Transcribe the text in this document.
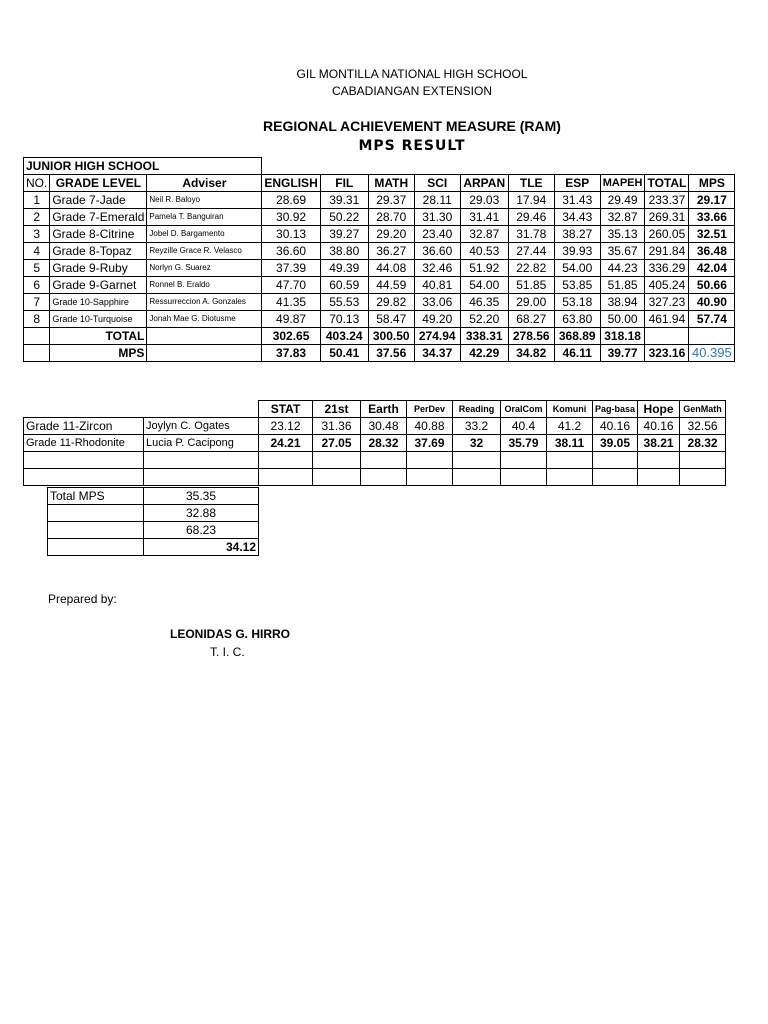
GIL MONTILLA NATIONAL HIGH SCHOOL
CABADIANGAN EXTENSION
REGIONAL ACHIEVEMENT MEASURE (RAM)
MPS RESULT
JUNIOR HIGH SCHOOL												
NO.	GRADE LEVEL	Adviser	ENGLISH	FIL	MATH	SCI	ARPAN	TLE	ESP	MAPEH	TOTAL	MPS
1	Grade 7-Jade	Neil R. Baloyo	28.69	39.31	29.37	28.11	29.03	17.94	31.43	29.49	233.37	29.17
2	Grade 7-Emerald	Pamela T. Banguiran	30.92	50.22	28.70	31.30	31.41	29.46	34.43	32.87	269.31	33.66
3	Grade 8-Citrine	Jobel D. Bargamento	30.13	39.27	29.20	23.40	32.87	31.78	38.27	35.13	260.05	32.51
4	Grade 8-Topaz	Reyzille Grace R. Velasco	36.60	38.80	36.27	36.60	40.53	27.44	39.93	35.67	291.84	36.48
5	Grade 9-Ruby	Norlyn G. Suarez	37.39	49.39	44.08	32.46	51.92	22.82	54.00	44.23	336.29	42.04
6	Grade 9-Garnet	Ronnel B. Eraldo	47.70	60.59	44.59	40.81	54.00	51.85	53.85	51.85	405.24	50.66
7	Grade 10-Sapphire	Ressurreccion A. Gonzales	41.35	55.53	29.82	33.06	46.35	29.00	53.18	38.94	327.23	40.90
8	Grade 10-Turquoise	Jonah Mae G. Diotusme	49.87	70.13	58.47	49.20	52.20	68.27	63.80	50.00	461.94	57.74
	TOTAL		302.65	403.24	300.50	274.94	338.31	278.56	368.89	318.18		
	MPS		37.83	50.41	37.56	34.37	42.29	34.82	46.11	39.77	323.16	40.395
		STAT	21st	Earth	PerDev	Reading	OralCom	Komuni	Pag-basa	Hope	GenMath
Grade 11-Zircon	Joylyn C. Ogates	23.12	31.36	30.48	40.88	33.2	40.4	41.2	40.16	40.16	32.56
Grade 11-Rhodonite	Lucia P. Cacipong	24.21	27.05	28.32	37.69	32	35.79	38.11	39.05	38.21	28.32

Total MPS	35.35
	32.88
	68.23
	34.12
Prepared by:
LEONIDAS G. HIRRO
T. I. C.
